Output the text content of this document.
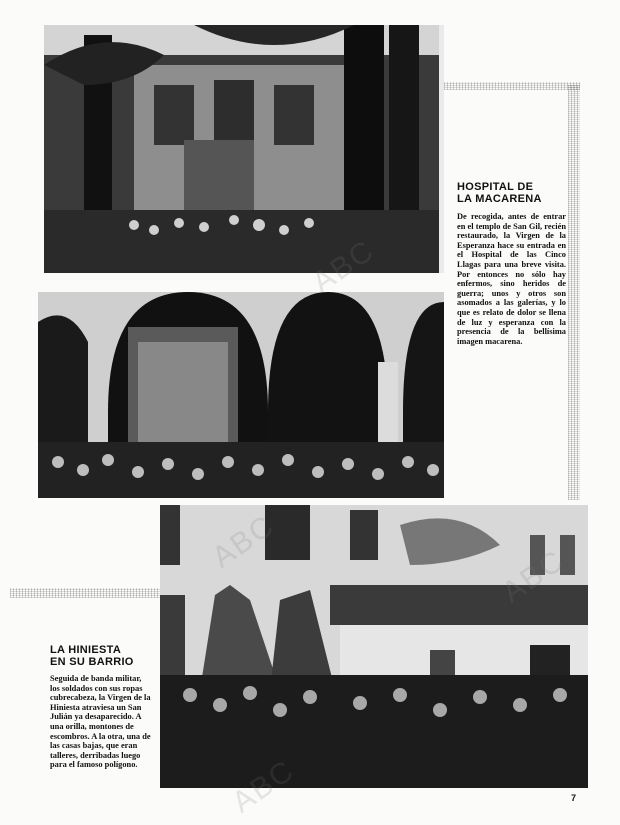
HOSPITAL DE
LA MACARENA

De recogida, antes de entrar en el templo de San Gil, recién restaurado, la Virgen de la Esperanza hace su entrada en el Hospital de las Cinco Llagas para una breve visita. Por entonces no sólo hay enfermos, sino heridos de guerra; unos y otros son asomados a las galerías, y lo que es relato de dolor se llena de luz y esperanza con la presencia de la bellísima imagen macarena.

LA HINIESTA
EN SU BARRIO

Seguida de banda militar, los soldados con sus ropas cubrecabeza, la Virgen de la Hiniesta atraviesa un San Julián ya desaparecido. A una orilla, montones de escombros. A la otra, una de las casas bajas, que eran talleres, derribadas luego para el famoso polígono.

7
